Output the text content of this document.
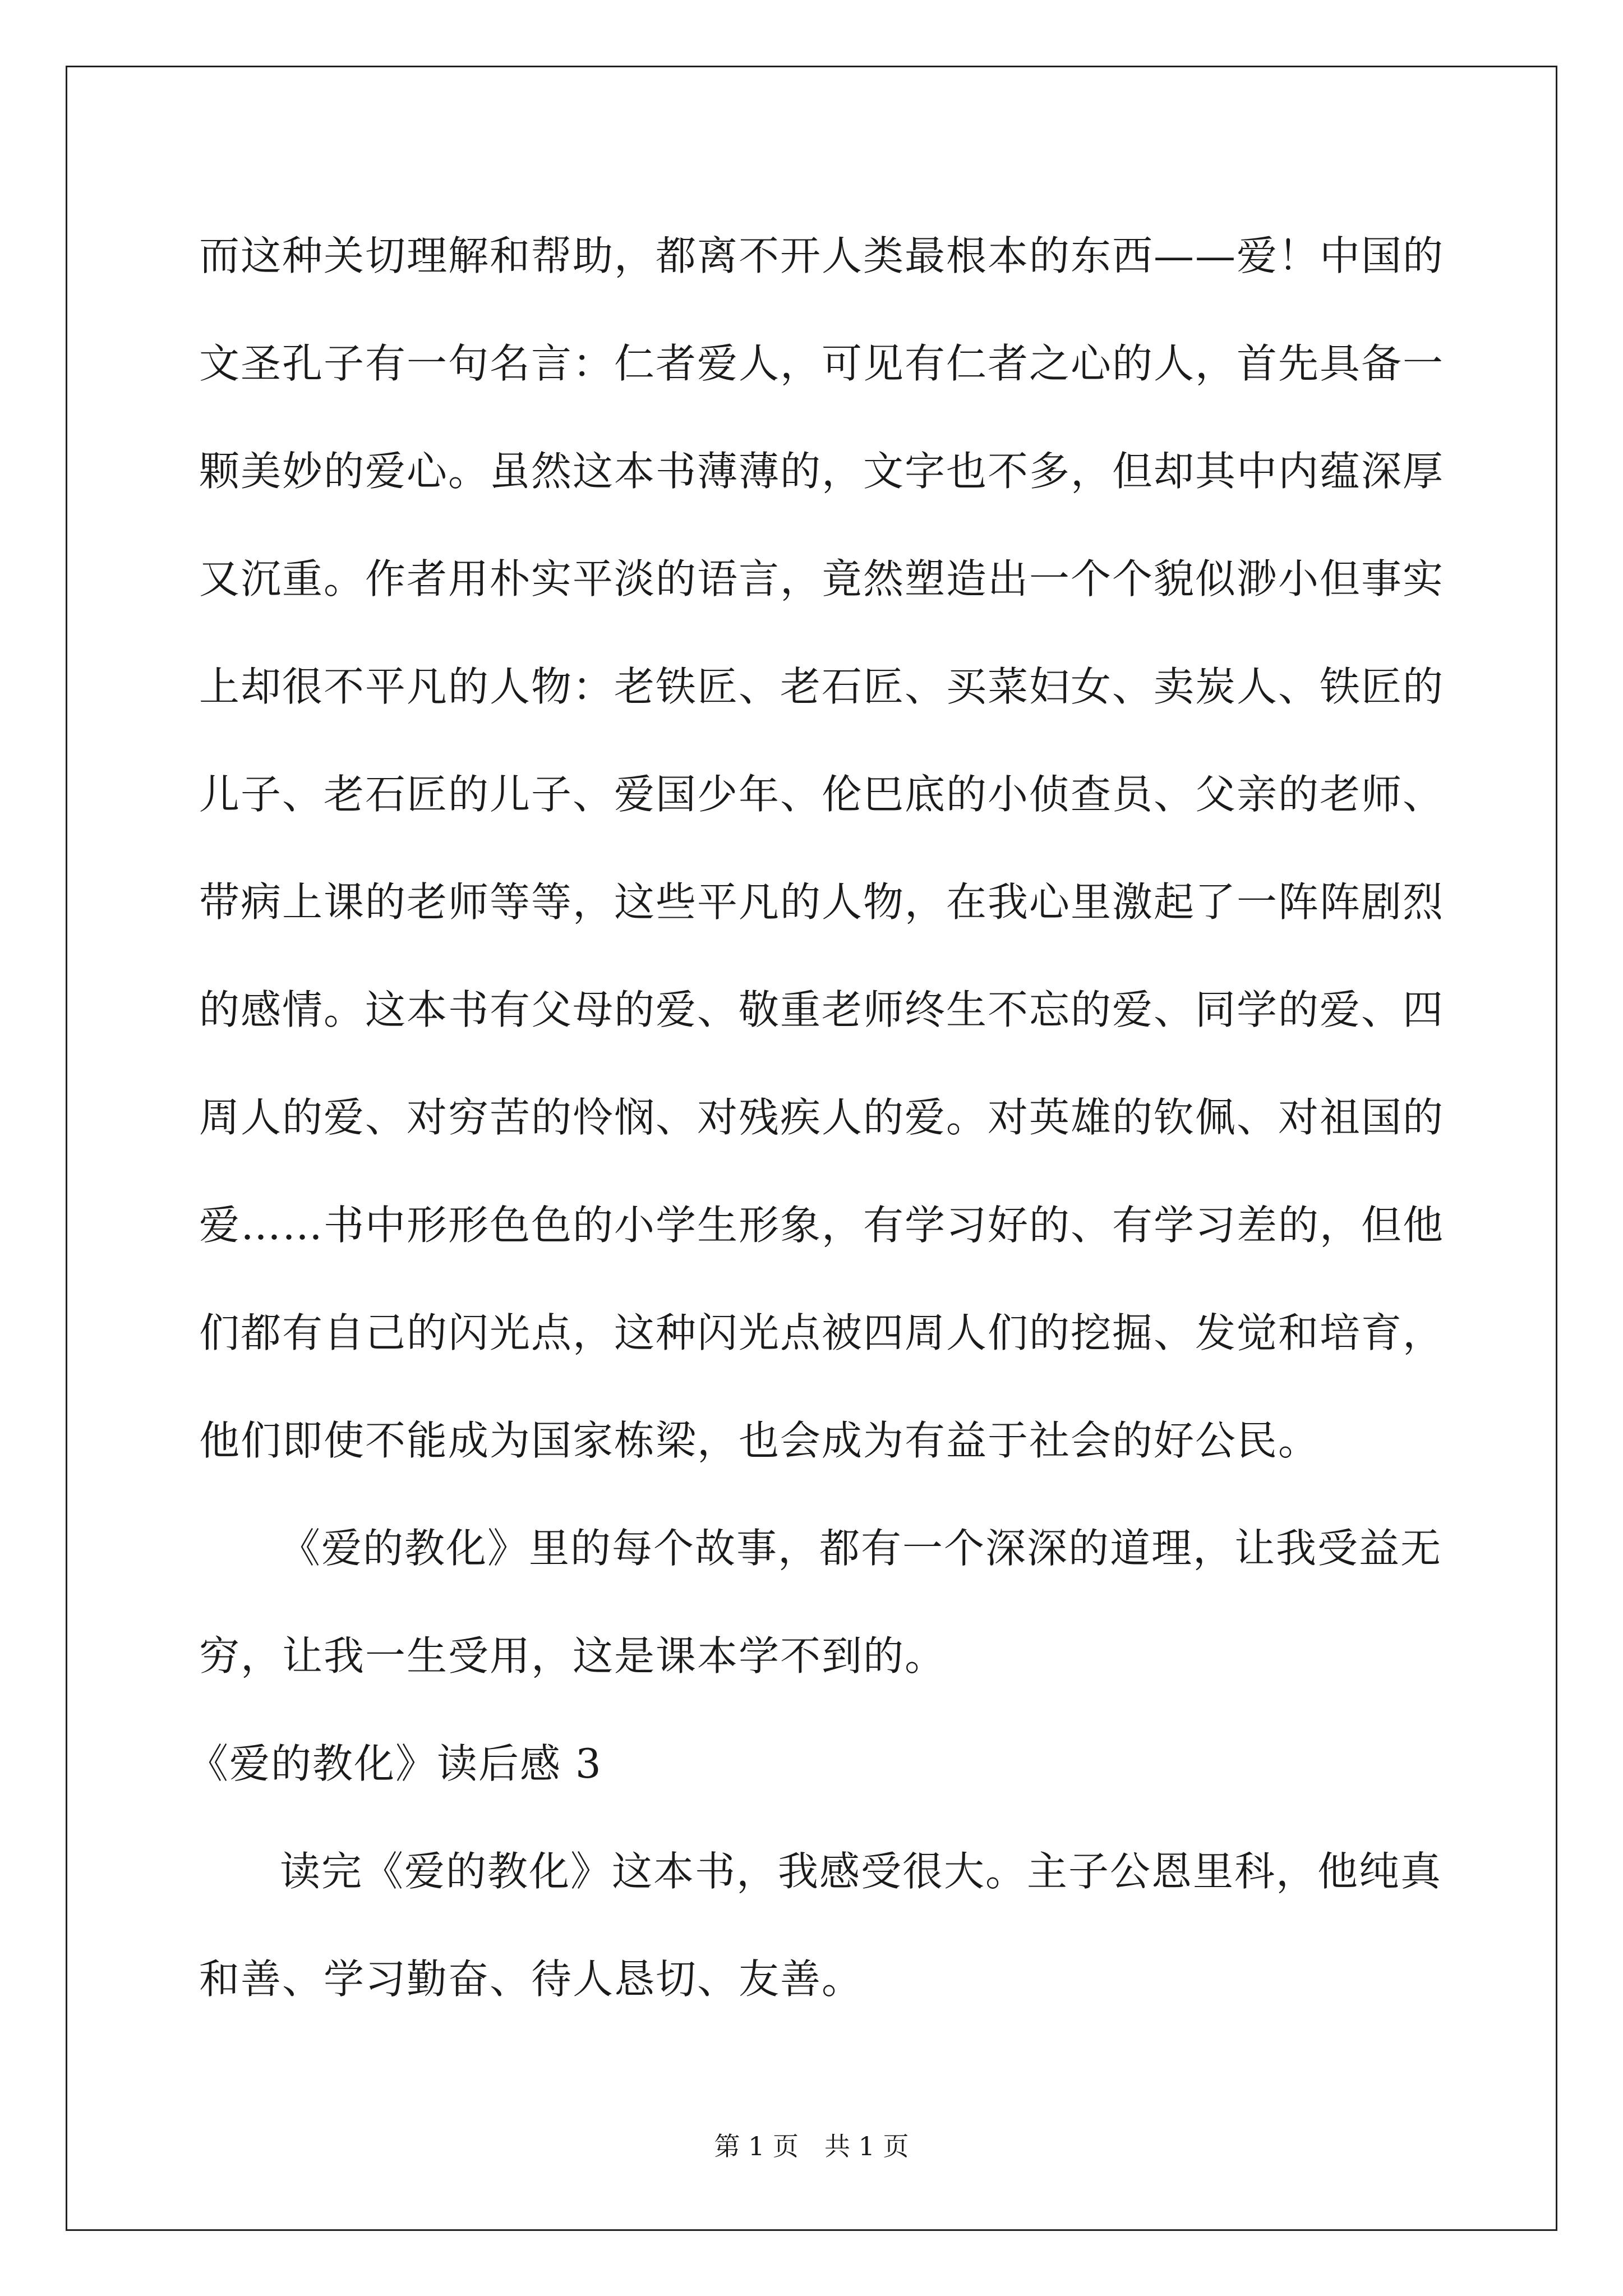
而这种关切理解和帮助，都离不开人类最根本的东西——爱！中国的
文圣孔子有一句名言：仁者爱人，可见有仁者之心的人，首先具备一
颗美妙的爱心。虽然这本书薄薄的，文字也不多，但却其中内蕴深厚
又沉重。作者用朴实平淡的语言，竟然塑造出一个个貌似渺小但事实
上却很不平凡的人物：老铁匠、老石匠、买菜妇女、卖炭人、铁匠的
儿子、老石匠的儿子、爱国少年、伦巴底的小侦查员、父亲的老师、
带病上课的老师等等，这些平凡的人物，在我心里激起了一阵阵剧烈
的感情。这本书有父母的爱、敬重老师终生不忘的爱、同学的爱、四
周人的爱、对穷苦的怜悯、对残疾人的爱。对英雄的钦佩、对祖国的
爱……书中形形色色的小学生形象，有学习好的、有学习差的，但他
们都有自己的闪光点，这种闪光点被四周人们的挖掘、发觉和培育，
他们即使不能成为国家栋梁，也会成为有益于社会的好公民。
《爱的教化》里的每个故事，都有一个深深的道理，让我受益无
穷，让我一生受用，这是课本学不到的。
《爱的教化》读后感 3
读完《爱的教化》这本书，我感受很大。主子公恩里科，他纯真
和善、学习勤奋、待人恳切、友善。
第 1 页　共 1 页
